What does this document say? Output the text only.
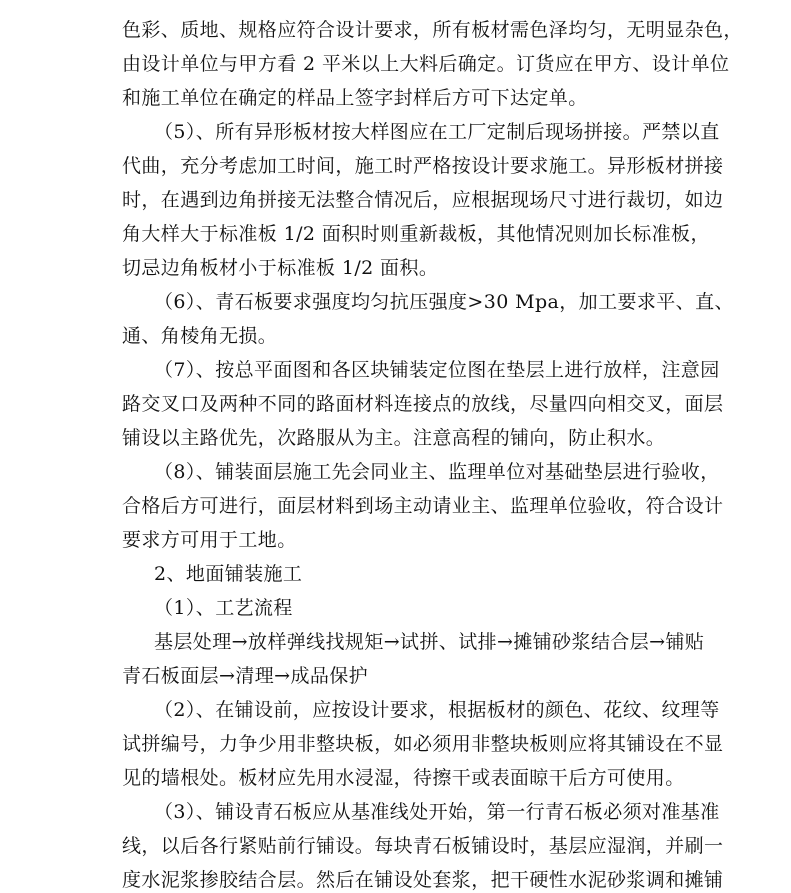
色彩、质地、规格应符合设计要求，所有板材需色泽均匀，无明显杂色，
由设计单位与甲方看 2 平米以上大料后确定。订货应在甲方、设计单位
和施工单位在确定的样品上签字封样后方可下达定单。
（5）、所有异形板材按大样图应在工厂定制后现场拼接。严禁以直
代曲，充分考虑加工时间，施工时严格按设计要求施工。异形板材拼接
时，在遇到边角拼接无法整合情况后，应根据现场尺寸进行裁切，如边
角大样大于标准板 1/2 面积时则重新裁板，其他情况则加长标准板，
切忌边角板材小于标准板 1/2 面积。
（6）、青石板要求强度均匀抗压强度>30 Mpa，加工要求平、直、
通、角棱角无损。
（7）、按总平面图和各区块铺装定位图在垫层上进行放样，注意园
路交叉口及两种不同的路面材料连接点的放线，尽量四向相交叉，面层
铺设以主路优先，次路服从为主。注意高程的铺向，防止积水。
（8）、铺装面层施工先会同业主、监理单位对基础垫层进行验收，
合格后方可进行，面层材料到场主动请业主、监理单位验收，符合设计
要求方可用于工地。
2、地面铺装施工
（1）、工艺流程
基层处理→放样弹线找规矩→试拼、试排→摊铺砂浆结合层→铺贴
青石板面层→清理→成品保护
（2）、在铺设前，应按设计要求，根据板材的颜色、花纹、纹理等
试拼编号，力争少用非整块板，如必须用非整块板则应将其铺设在不显
见的墙根处。板材应先用水浸湿，待擦干或表面晾干后方可使用。
（3）、铺设青石板应从基准线处开始，第一行青石板必须对准基准
线，以后各行紧贴前行铺设。每块青石板铺设时，基层应湿润，并刷一
度水泥浆掺胶结合层。然后在铺设处套浆，把干硬性水泥砂浆调和摊铺
